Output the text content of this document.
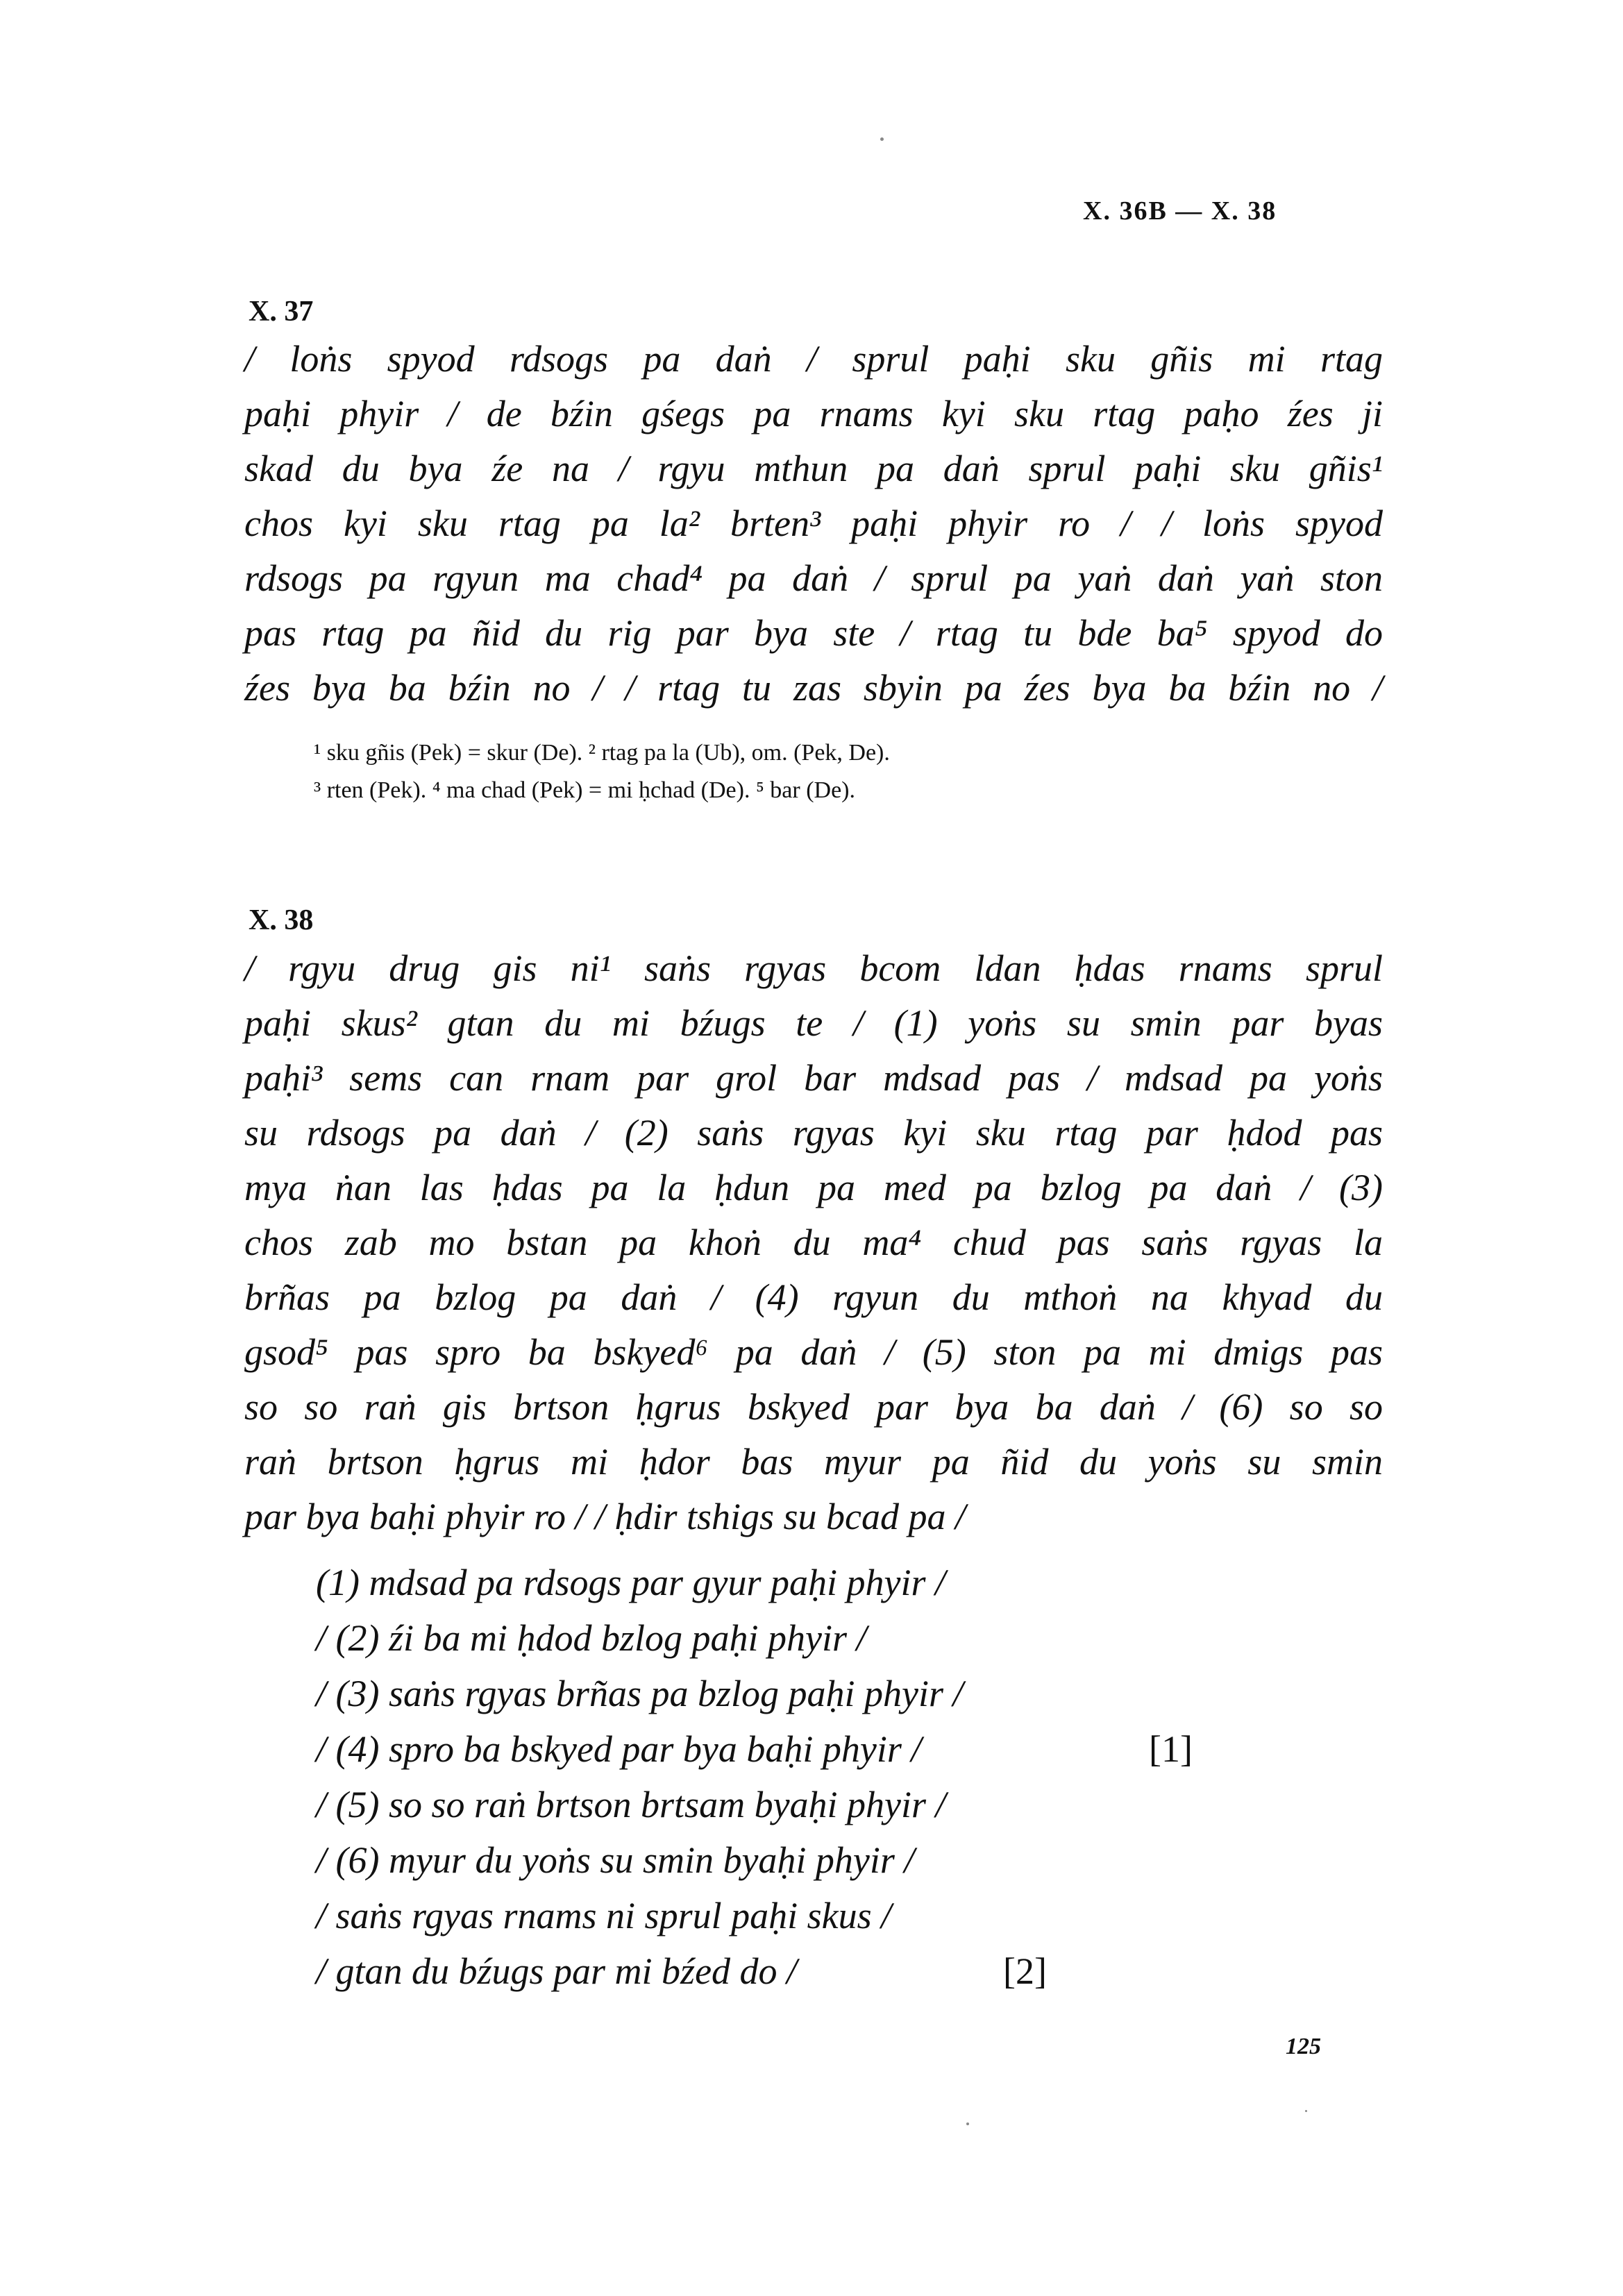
X. 36B — X. 38
X. 37
/ loṅs spyod rdsogs pa daṅ / sprul paḥi sku gñis mi rtag
paḥi phyir / de bźin gśegs pa rnams kyi sku rtag paḥo źes ji
skad du bya źe na / rgyu mthun pa daṅ sprul paḥi sku gñis¹
chos kyi sku rtag pa la² brten³ paḥi phyir ro / / loṅs spyod
rdsogs pa rgyun ma chad⁴ pa daṅ / sprul pa yaṅ daṅ yaṅ ston
pas rtag pa ñid du rig par bya ste / rtag tu bde ba⁵ spyod do
źes bya ba bźin no / / rtag tu zas sbyin pa źes bya ba bźin no /
¹ sku gñis (Pek) = skur (De). ² rtag pa la (Ub), om. (Pek, De).
³ rten (Pek). ⁴ ma chad (Pek) = mi ḥchad (De). ⁵ bar (De).
X. 38
/ rgyu drug gis ni¹ saṅs rgyas bcom ldan ḥdas rnams sprul
paḥi skus² gtan du mi bźugs te / (1) yoṅs su smin par byas
paḥi³ sems can rnam par grol bar mdsad pas / mdsad pa yoṅs
su rdsogs pa daṅ / (2) saṅs rgyas kyi sku rtag par ḥdod pas
mya ṅan las ḥdas pa la ḥdun pa med pa bzlog pa daṅ / (3)
chos zab mo bstan pa khoṅ du ma⁴ chud pas saṅs rgyas la
brñas pa bzlog pa daṅ / (4) rgyun du mthoṅ na khyad du
gsod⁵ pas spro ba bskyed⁶ pa daṅ / (5) ston pa mi dmigs pas
so so raṅ gis brtson ḥgrus bskyed par bya ba daṅ / (6) so so
raṅ brtson ḥgrus mi ḥdor bas myur pa ñid du yoṅs su smin
par bya baḥi phyir ro / / ḥdir tshigs su bcad pa /
(1) mdsad pa rdsogs par gyur paḥi phyir /
/ (2) źi ba mi ḥdod bzlog paḥi phyir /
/ (3) saṅs rgyas brñas pa bzlog paḥi phyir /
/ (4) spro ba bskyed par bya baḥi phyir /	[1]
/ (5) so so raṅ brtson brtsam byaḥi phyir /
/ (6) myur du yoṅs su smin byaḥi phyir /
/ saṅs rgyas rnams ni sprul paḥi skus /
/ gtan du bźugs par mi bźed do /	[2]
125
